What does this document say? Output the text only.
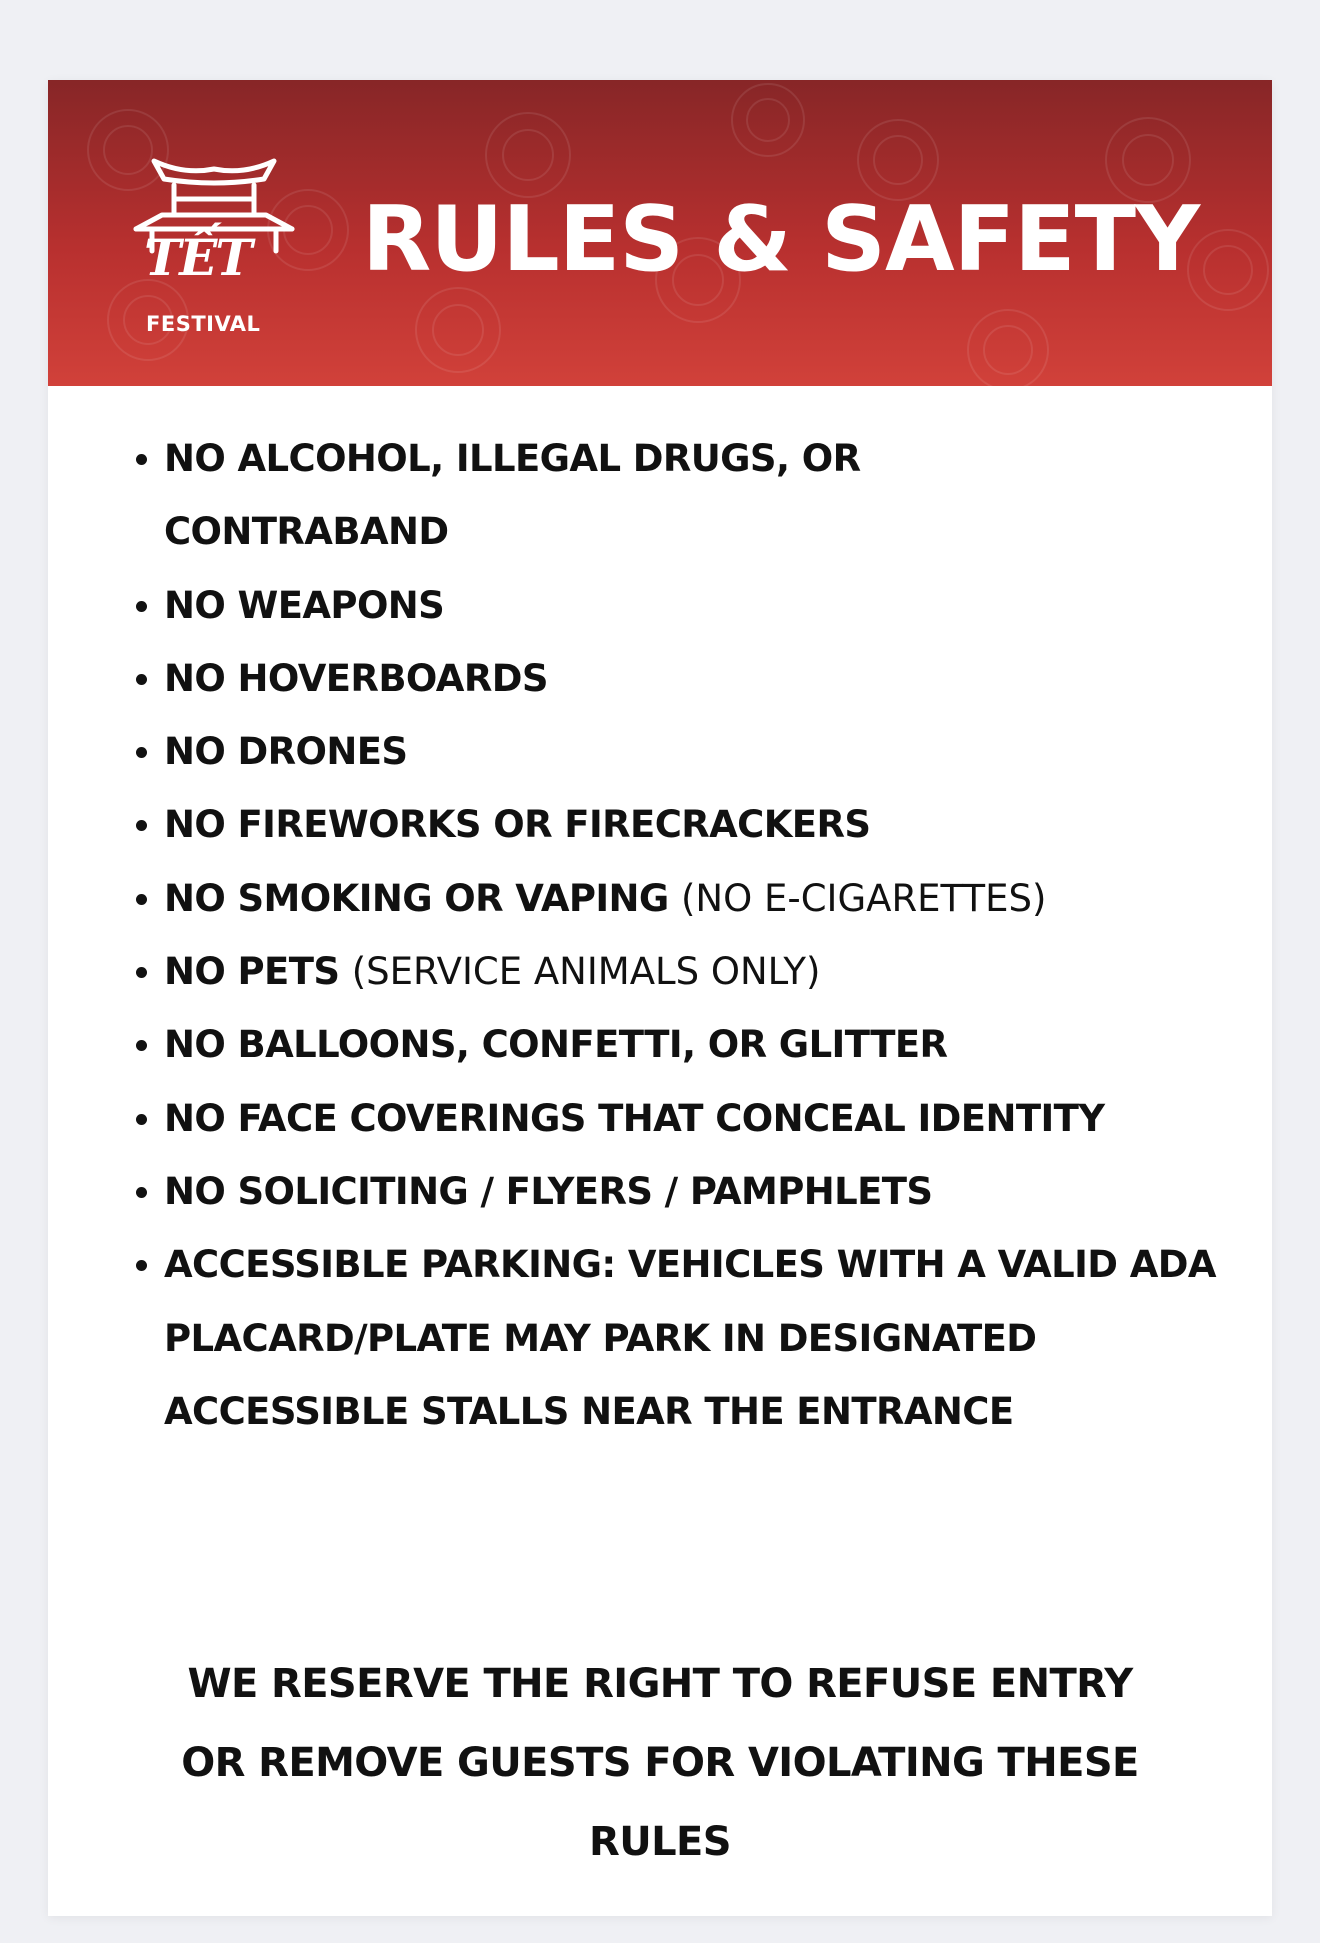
TẾT
FESTIVAL
RULES & SAFETY
NO ALCOHOL, ILLEGAL DRUGS, OR
CONTRABAND
NO WEAPONS
NO HOVERBOARDS
NO DRONES
NO FIREWORKS OR FIRECRACKERS
NO SMOKING OR VAPING (NO E-CIGARETTES)
NO PETS (SERVICE ANIMALS ONLY)
NO BALLOONS, CONFETTI, OR GLITTER
NO FACE COVERINGS THAT CONCEAL IDENTITY
NO SOLICITING / FLYERS / PAMPHLETS
ACCESSIBLE PARKING: VEHICLES WITH A VALID ADA PLACARD/PLATE MAY PARK IN DESIGNATED ACCESSIBLE STALLS NEAR THE ENTRANCE

WE RESERVE THE RIGHT TO REFUSE ENTRY OR REMOVE GUESTS FOR VIOLATING THESE RULES
